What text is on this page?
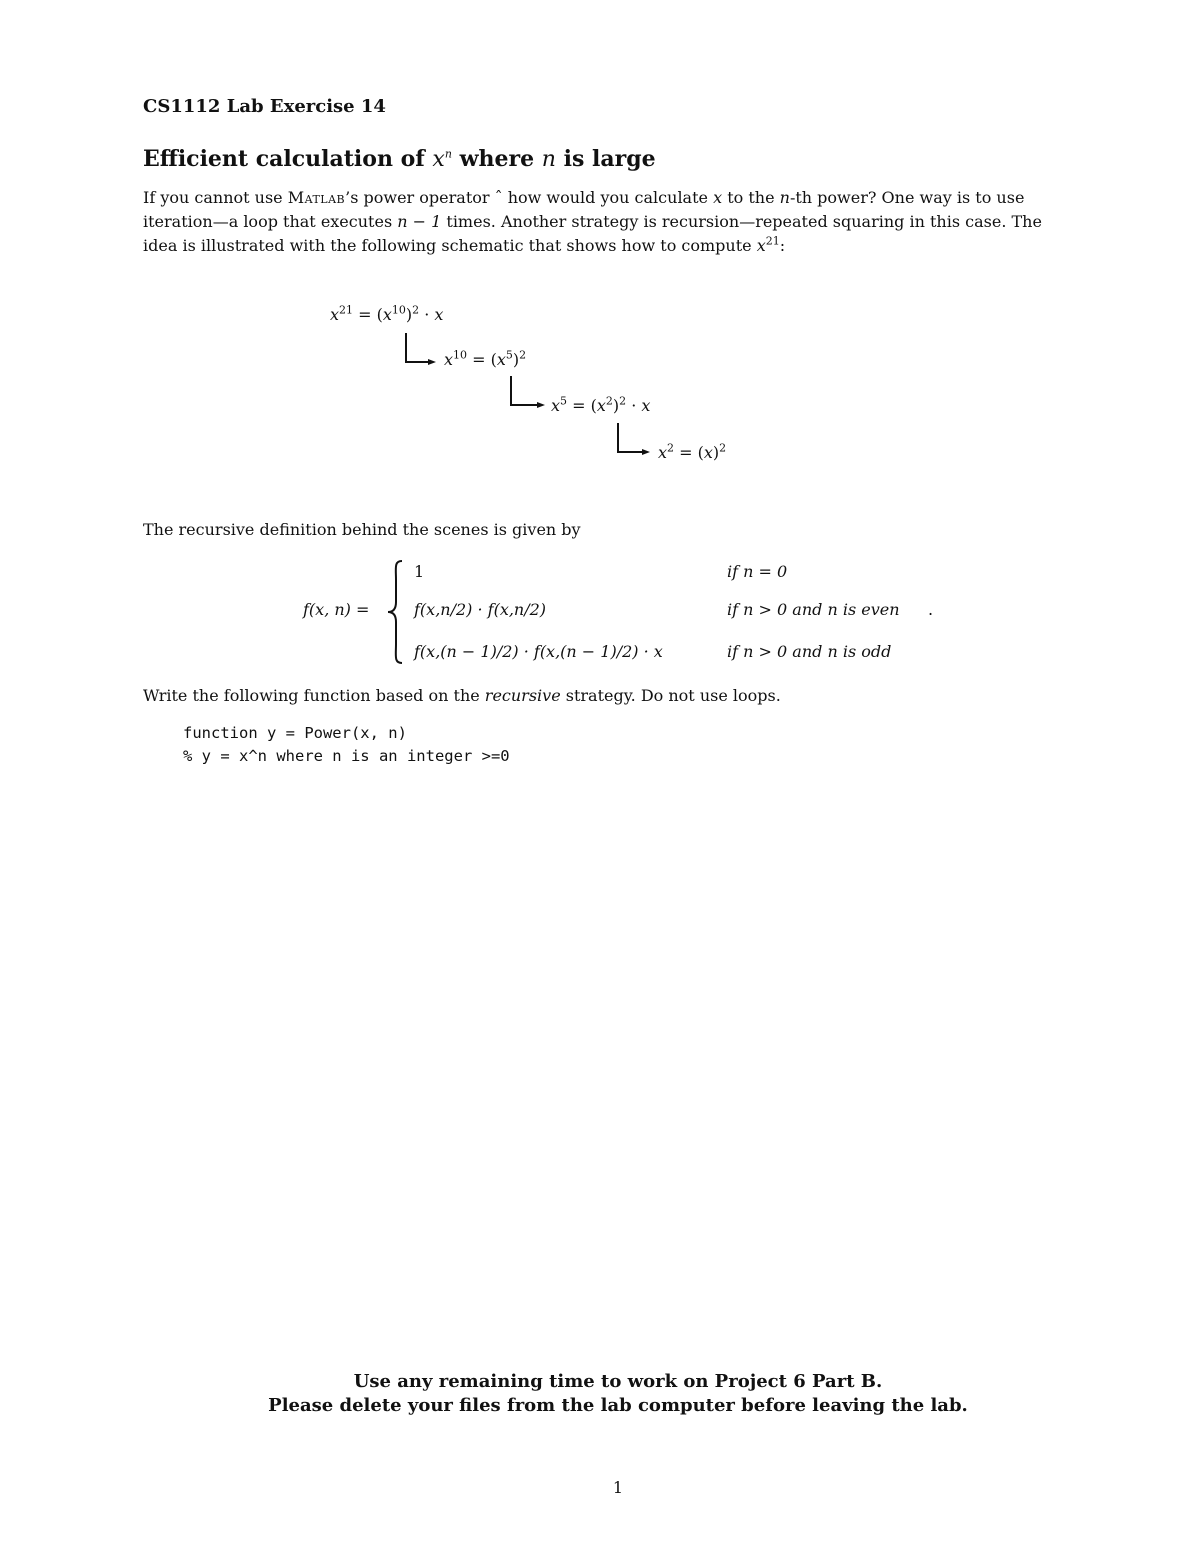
CS1112 Lab Exercise 14
Efficient calculation of $x^n$ where n is large
If you cannot use Matlab’s power operator ˆ how would you calculate x to the n-th power? One way is to use
iteration—a loop that executes n − 1 times. Another strategy is recursion—repeated squaring in this case. The
idea is illustrated with the following schematic that shows how to compute $x^{21}$:
$x^{21} = (x^{10})^2 \cdot x$
$x^{10} = (x^5)^2$
$x^5 = (x^2)^2 \cdot x$
$x^2 = (x)^2$
The recursive definition behind the scenes is given by
f(x, n) =
1	if n = 0
f(x,n/2) · f(x,n/2)	if n > 0 and n is even .
f(x,(n − 1)/2) · f(x,(n − 1)/2) · x	if n > 0 and n is odd
Write the following function based on the recursive strategy. Do not use loops.
function y = Power(x, n)
% y = x^n where n is an integer >=0
Use any remaining time to work on Project 6 Part B.
Please delete your files from the lab computer before leaving the lab.
1
